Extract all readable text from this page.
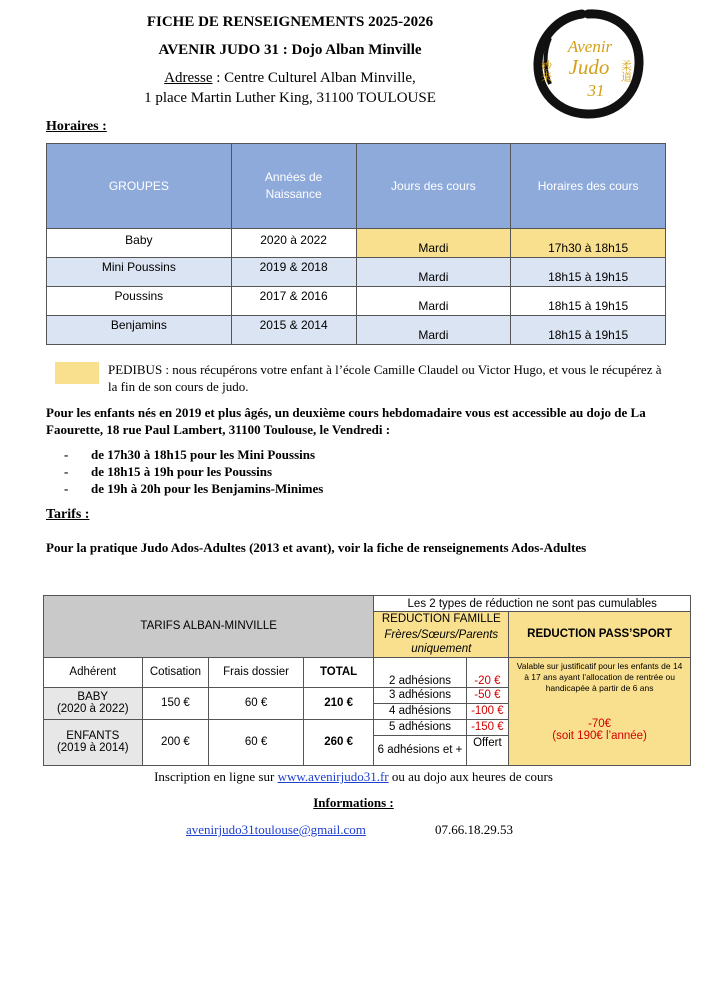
FICHE DE RENSEIGNEMENTS 2025-2026
AVENIR JUDO 31 : Dojo Alban Minville
Adresse : Centre Culturel Alban Minville,
1 place Martin Luther King, 31100 TOULOUSE
Avenir
Judo
31
妙来	柔道
Horaires :
GROUPES	Années de Naissance	Jours des cours	Horaires des cours
Baby	2020 à 2022	Mardi	17h30 à 18h15
Mini Poussins	2019 & 2018	Mardi	18h15 à 19h15
Poussins	2017 & 2016	Mardi	18h15 à 19h15
Benjamins	2015 & 2014	Mardi	18h15 à 19h15
PEDIBUS : nous récupérons votre enfant à l’école Camille Claudel ou Victor Hugo, et vous le récupérez à la fin de son cours de judo.
Pour les enfants nés en 2019 et plus âgés, un deuxième cours hebdomadaire vous est accessible au dojo de La Faourette, 18 rue Paul Lambert, 31100 Toulouse, le Vendredi :
- de 17h30 à 18h15 pour les Mini Poussins
- de 18h15 à 19h pour les Poussins
- de 19h à 20h pour les Benjamins-Minimes
Tarifs :
Pour la pratique Judo Ados-Adultes (2013 et avant), voir la fiche de renseignements Ados-Adultes
TARIFS ALBAN-MINVILLE				Les 2 types de réduction ne sont pas cumulables		
				REDUCTION FAMILLE		REDUCTION PASS’SPORT
				Frères/Sœurs/Parents uniquement		
Adhérent	Cotisation	Frais dossier	TOTAL	2 adhésions	-20 €	Valable sur justificatif pour les enfants de 14 à 17 ans ayant l’allocation de rentrée ou handicapée à partir de 6 ans
-70€
(soit 190€ l’année)

BABY
(2020 à 2022)	150 €	60 €	210 €	3 adhésions	-50 €	
				4 adhésions	-100 €	

ENFANTS
(2019 à 2014)	200 €	60 €	260 €	5 adhésions	-150 €	
				6 adhésions et +	Offert	
Inscription en ligne sur www.avenirjudo31.fr ou au dojo aux heures de cours
Informations :
avenirjudo31toulouse@gmail.com	07.66.18.29.53
